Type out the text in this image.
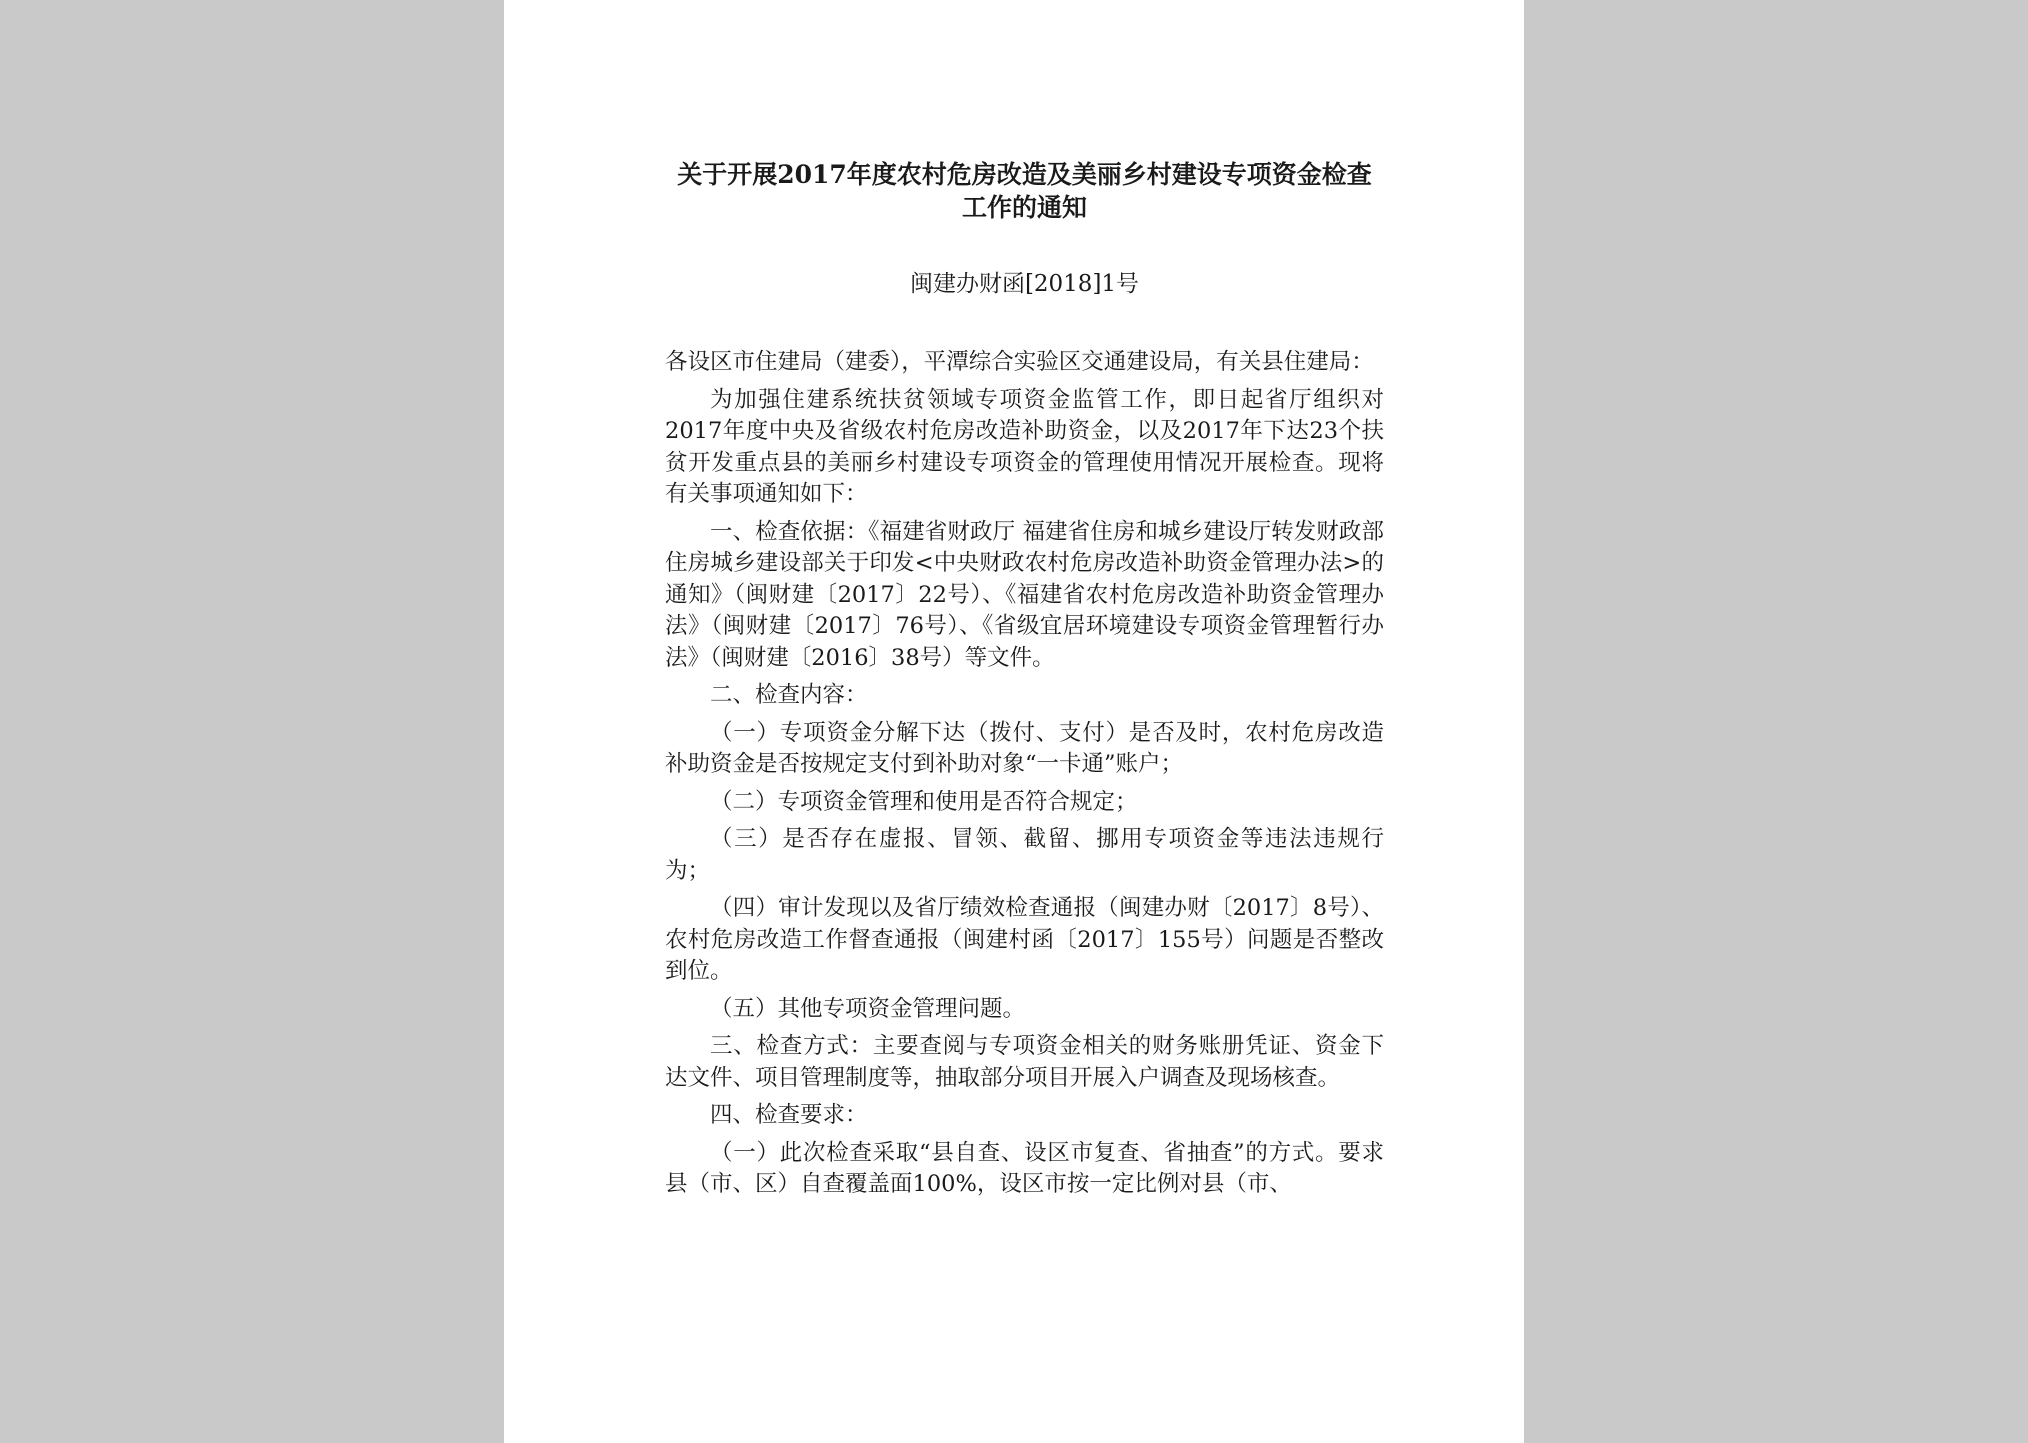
关于开展2017年度农村危房改造及美丽乡村建设专项资金检查工作的通知
闽建办财函[2018]1号

各设区市住建局（建委），平潭综合实验区交通建设局，有关县住建局：

为加强住建系统扶贫领域专项资金监管工作，即日起省厅组织对2017年度中央及省级农村危房改造补助资金，以及2017年下达23个扶贫开发重点县的美丽乡村建设专项资金的管理使用情况开展检查。现将有关事项通知如下：

一、检查依据：《福建省财政厅 福建省住房和城乡建设厅转发财政部 住房城乡建设部关于印发<中央财政农村危房改造补助资金管理办法>的通知》（闽财建〔2017〕22号）、《福建省农村危房改造补助资金管理办法》（闽财建〔2017〕76号）、《省级宜居环境建设专项资金管理暂行办法》（闽财建〔2016〕38号）等文件。

二、检查内容：

（一）专项资金分解下达（拨付、支付）是否及时，农村危房改造补助资金是否按规定支付到补助对象“一卡通”账户；

（二）专项资金管理和使用是否符合规定；

（三）是否存在虚报、冒领、截留、挪用专项资金等违法违规行为；

（四）审计发现以及省厅绩效检查通报（闽建办财〔2017〕8号）、农村危房改造工作督查通报（闽建村函〔2017〕155号）问题是否整改到位。

（五）其他专项资金管理问题。

三、检查方式：主要查阅与专项资金相关的财务账册凭证、资金下达文件、项目管理制度等，抽取部分项目开展入户调查及现场核查。

四、检查要求：

（一）此次检查采取“县自查、设区市复查、省抽查”的方式。要求县（市、区）自查覆盖面100%，设区市按一定比例对县（市、
